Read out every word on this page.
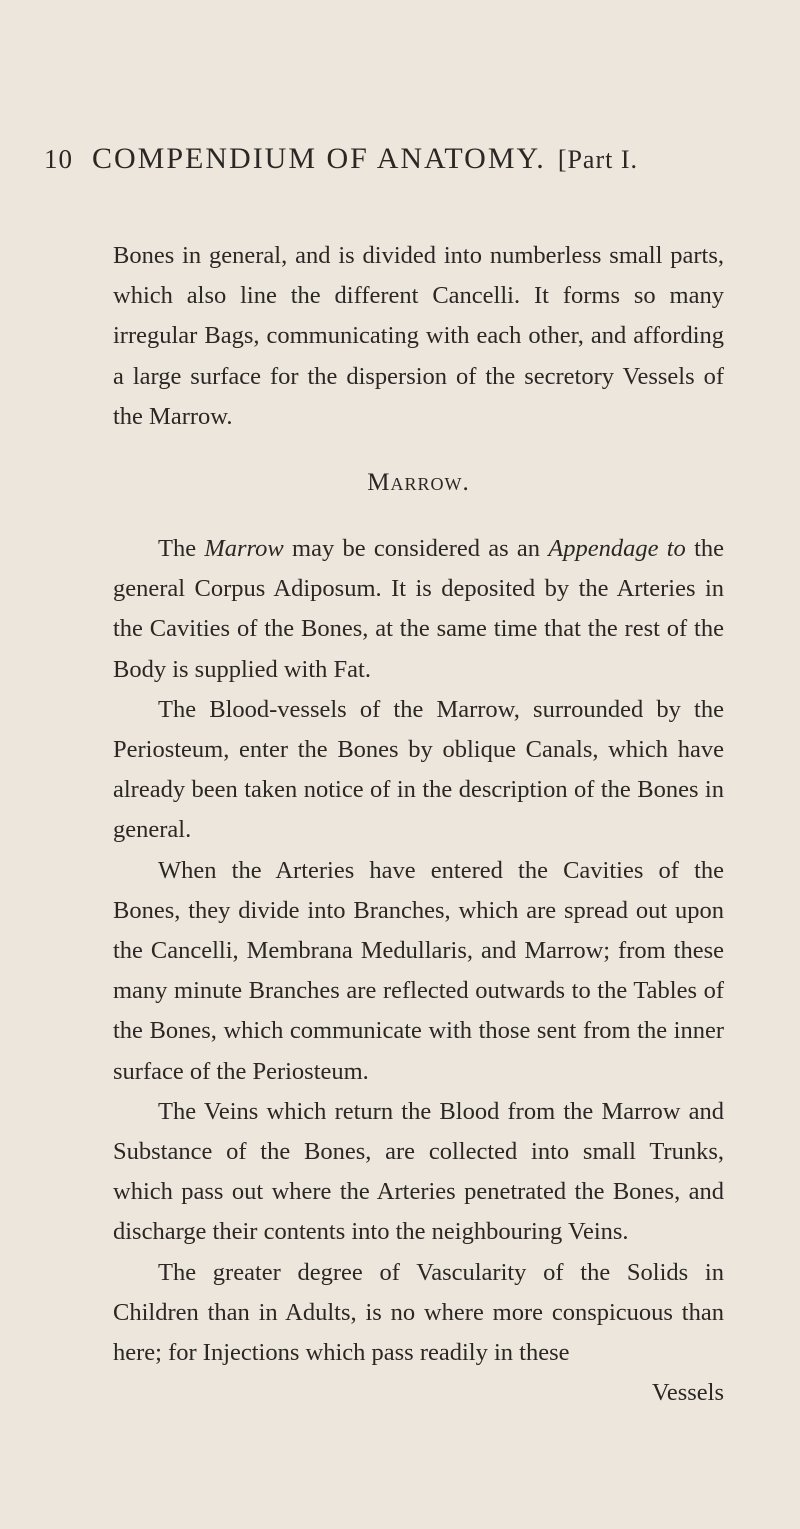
10 COMPENDIUM OF ANATOMY. [Part I.

Bones in general, and is divided into numberless small parts, which also line the different Cancelli. It forms so many irregular Bags, communicating with each other, and affording a large surface for the dispersion of the secretory Vessels of the Marrow.

Marrow.

The Marrow may be considered as an Appendage to the general Corpus Adiposum. It is deposited by the Arteries in the Cavities of the Bones, at the same time that the rest of the Body is supplied with Fat.

The Blood-vessels of the Marrow, surrounded by the Periosteum, enter the Bones by oblique Canals, which have already been taken notice of in the description of the Bones in general.

When the Arteries have entered the Cavities of the Bones, they divide into Branches, which are spread out upon the Cancelli, Membrana Medullaris, and Marrow; from these many minute Branches are reflected outwards to the Tables of the Bones, which communicate with those sent from the inner surface of the Periosteum.

The Veins which return the Blood from the Marrow and Substance of the Bones, are collected into small Trunks, which pass out where the Arteries penetrated the Bones, and discharge their contents into the neighbouring Veins.

The greater degree of Vascularity of the Solids in Children than in Adults, is no where more conspicuous than here; for Injections which pass readily in these

Vessels
